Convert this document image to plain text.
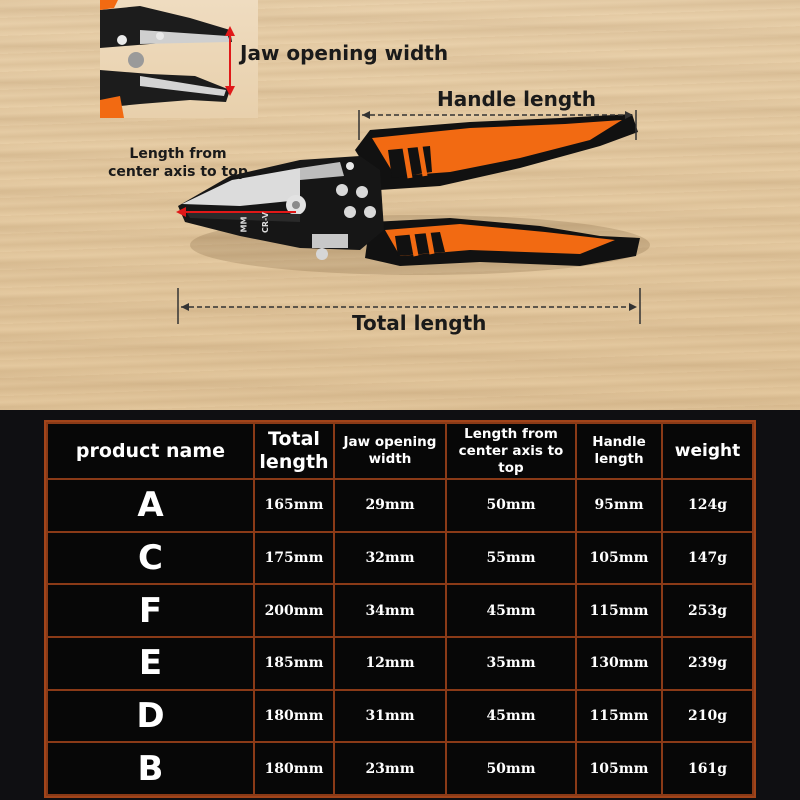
Jaw opening width
Handle length
Length from center axis to top
Total length
CR-V
MM
product name	Total length	Jaw opening width	Length from center axis to top	Handle length	weight
A	165mm	29mm	50mm	95mm	124g
C	175mm	32mm	55mm	105mm	147g
F	200mm	34mm	45mm	115mm	253g
E	185mm	12mm	35mm	130mm	239g
D	180mm	31mm	45mm	115mm	210g
B	180mm	23mm	50mm	105mm	161g
